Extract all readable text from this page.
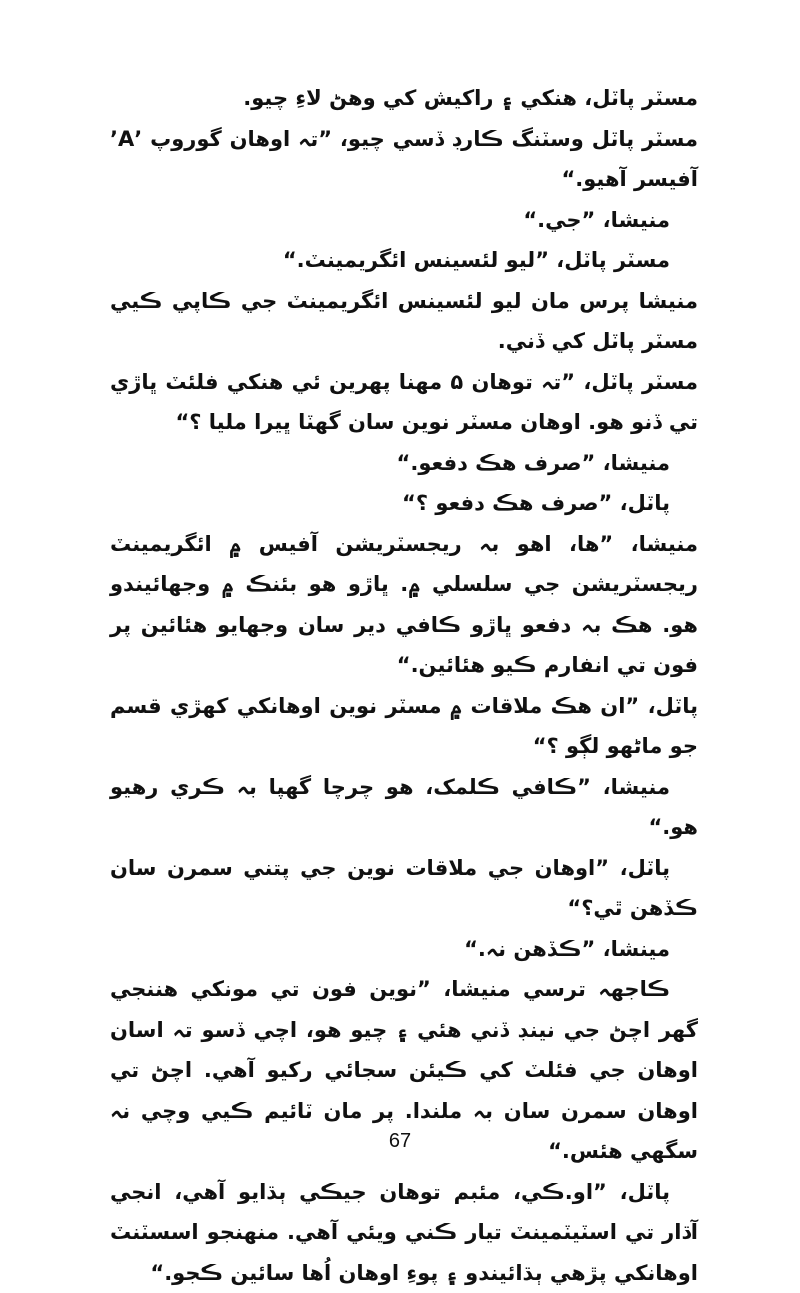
مسٽر پاٽل، هنکي ۽ راکيش کي وهڻ لاءِ چيو.

مسٽر پاٽل وسٽنگ ڪارڊ ڏسي چيو، ”تہ اوهان گوروپ ’A’ آفيسر آهيو.“

منيشا، ”جي.“

مسٽر پاٽل، ”ليو لئسينس ائگريمينٽ.“

منيشا پرس مان ليو لئسينس ائگريمينٽ جي ڪاپي ڪيي مسٽر پاٽل کي ڏني.

مسٽر پاٽل، ”تہ توهان ۵ مهنا پهرين ئي هنکي فلئٽ ڀاڙي تي ڏنو هو. اوهان مسٽر نوين سان گهٽا ڀيرا مليا ؟“

منيشا، ”صرف هڪ دفعو.“

پاٽل، ”صرف هڪ دفعو ؟“

منيشا، ”ها، اهو بہ ريجسٽريشن آفيس ۾ ائگريمينٽ ريجسٽريشن جي سلسلي ۾. ڀاڙو هو بئنڪ ۾ وجهائيندو هو. هڪ بہ دفعو ڀاڙو ڪافي دير سان وجهايو هئائين پر فون تي انفارم ڪيو هئائين.“

پاٽل، ”ان هڪ ملاقات ۾ مسٽر نوين اوهانکي کهڙي قسم جو ماڻهو لڳو ؟“

منيشا، ”ڪافي ڪلمک، هو چرچا گهپا بہ ڪري رهيو هو.“

پاٽل، ”اوهان جي ملاقات نوين جي پتني سمرن سان ڪڏهن ٿي؟“

مينشا، ”ڪڏهن نہ.“

ڪاجهہ ترسي منيشا، ”نوين فون تي مونکي هننجي گهر اچڻ جي نينڊ ڏني هئي ۽ چيو هو، اچي ڏسو تہ اسان اوهان جي فئلٽ کي ڪيئن سجائي رکيو آهي. اچڻ تي اوهان سمرن سان بہ ملندا. پر مان ٽائيم ڪيي وچي نہ سگهي هئس.“

پاٽل، ”او.ڪي، مئبم توهان جيڪي ٻڌايو آهي، انجي آڌار تي اسٽيٽمينٽ تيار ڪني ويئي آهي. منهنجو اسسٽنٽ اوهانکي پڙهي ٻڌائيندو ۽ پوءِ اوهان اُها سائين ڪجو.“

67
